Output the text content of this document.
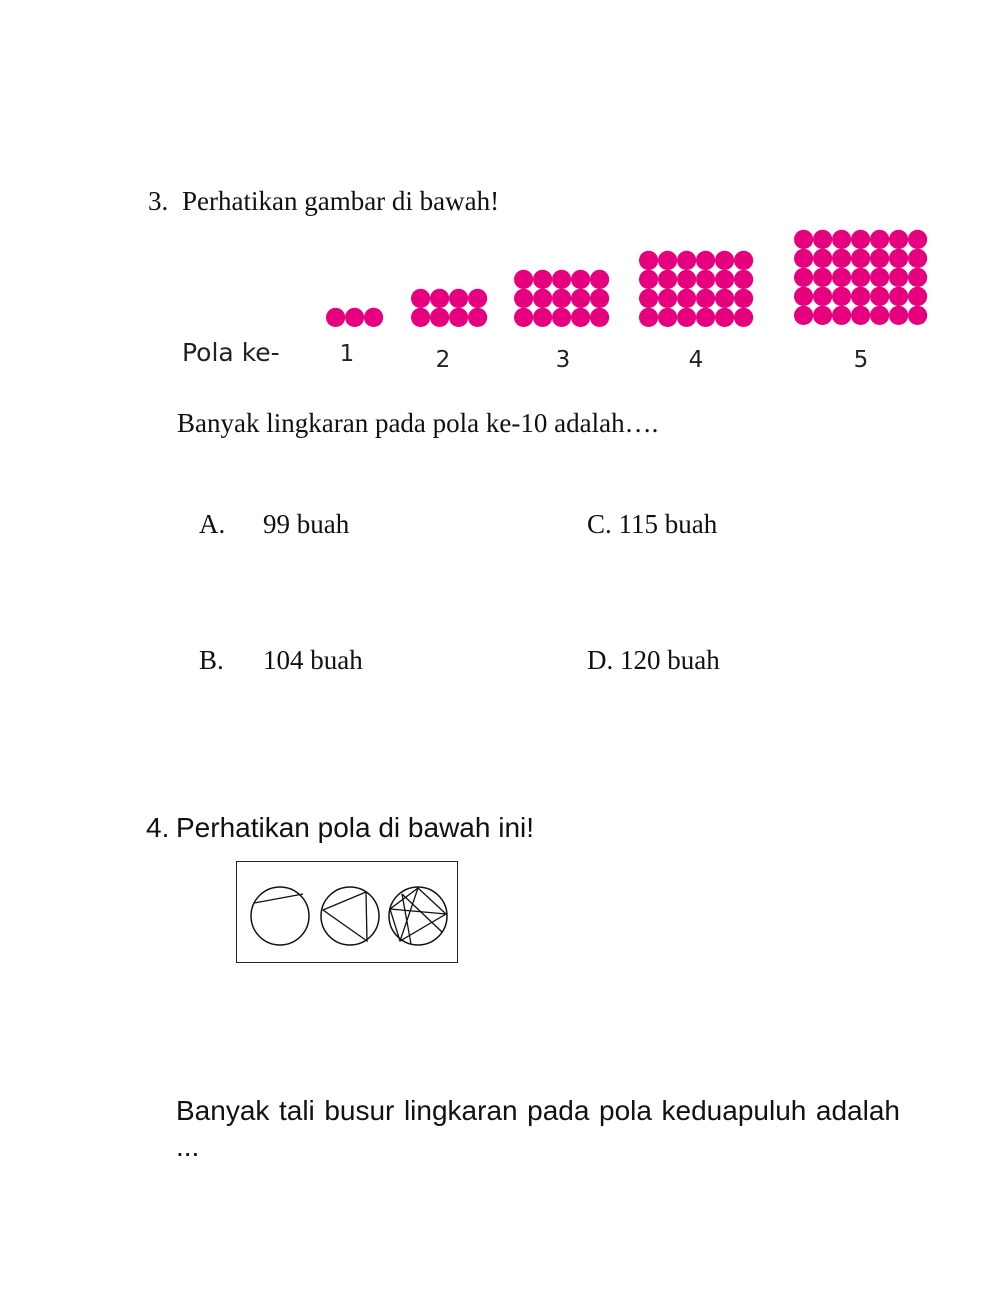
3. Perhatikan gambar di bawah!
Pola ke-	1	2	3	4	5
Banyak lingkaran pada pola ke-10 adalah….
A. 99 buah	C. 115 buah
B. 104 buah	D. 120 buah
4. Perhatikan pola di bawah ini!
Banyak tali busur lingkaran pada pola keduapuluh adalah ...
